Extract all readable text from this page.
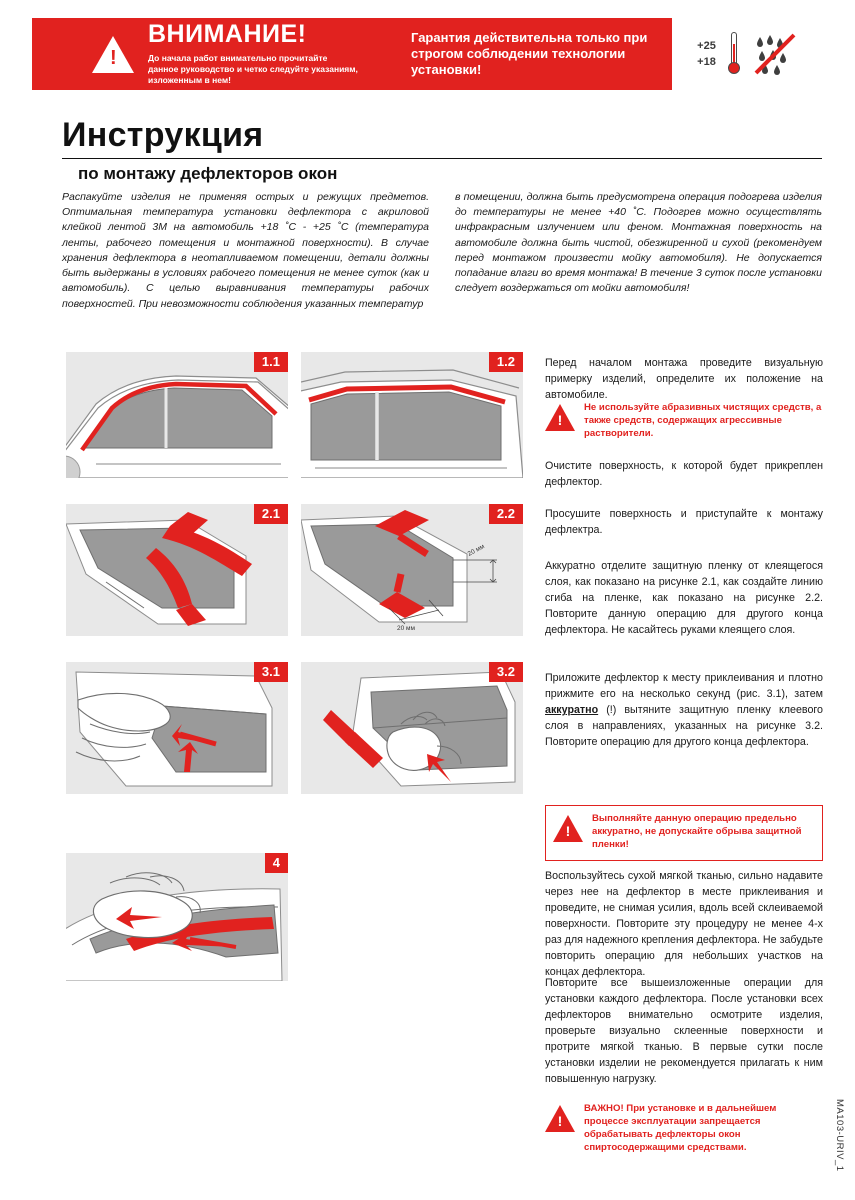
!
ВНИМАНИЕ!
До начала работ внимательно прочитайте данное руководство и четко следуйте указаниям, изложенным в нем!
Гарантия действительна только при строгом соблюдении технологии установки!
+25
+18
Инструкция
по монтажу дефлекторов окон
Распакуйте изделия не применяя острых и режущих предметов. Оптимальная температура установки дефлектора с акриловой клейкой лентой 3М на автомобиль +18 ˚С - +25 ˚С (температура ленты, рабочего помещения и монтажной поверхности). В случае хранения дефлектора в неотапливаемом помещении, детали должны быть выдержаны в условиях рабочего помещения не менее суток (как и автомобиль). С целью выравнивания температуры рабочих поверхностей. При невозможности соблюдения указанных температур
в помещении, должна быть предусмотрена операция подогрева изделия до температуры не менее +40 ˚С. Подогрев можно осуществлять инфракрасным излучением или феном. Монтажная поверхность на автомобиле должна быть чистой, обезжиренной и сухой (рекомендуем перед монтажом произвести мойку автомобиля). Не допускается попадание влаги во время монтажа! В течение 3 суток после установки следует воздержаться от мойки автомобиля!
1.1	1.2
2.1
20 мм
20 мм
2.2
3.1	3.2
4
Перед началом монтажа проведите визуальную примерку изделий, определите их положение на автомобиле.
!
Не используйте абразивных чистящих средств, а также средств, содержащих агрессивные растворители.
Очистите поверхность, к которой будет прикреплен дефлектор.
Просушите поверхность и приступайте к монтажу дефлектра.
Аккуратно отделите защитную пленку от клеящегося слоя, как показано на рисунке 2.1, как создайте линию сгиба на пленке, как показано на рисунке 2.2. Повторите данную операцию для другого конца дефлектора. Не касайтесь руками клеящего слоя.
Приложите дефлектор к месту приклеивания и плотно прижмите его на несколько секунд (рис. 3.1), затем аккуратно (!) вытяните защитную пленку клеевого слоя в направлениях, указанных на рисунке 3.2. Повторите операцию для другого конца дефлектора.
!
Выполняйте данную операцию предельно аккуратно, не допускайте обрыва защитной пленки!
Воспользуйтесь сухой мягкой тканью, сильно надавите через нее на дефлектор в месте приклеивания и проведите, не снимая усилия, вдоль всей склеиваемой поверхности. Повторите эту процедуру не менее 4-х раз для надежного крепления дефлектора. Не забудьте повторить операцию для небольших участков на концах дефлектора.
Повторите все вышеизложенные операции для установки каждого дефлектора. После установки всех дефлекторов внимательно осмотрите изделия, проверьте визуально склеенные поверхности и протрите мягкой тканью. В первые сутки после установки изделии не рекомендуется прилагать к ним повышенную нагрузку.
!
ВАЖНО! При установке и в дальнейшем процессе эксплуатации запрещается обрабатывать дефлекторы окон спиртосодержащими средствами.	MA103-URIV_1
